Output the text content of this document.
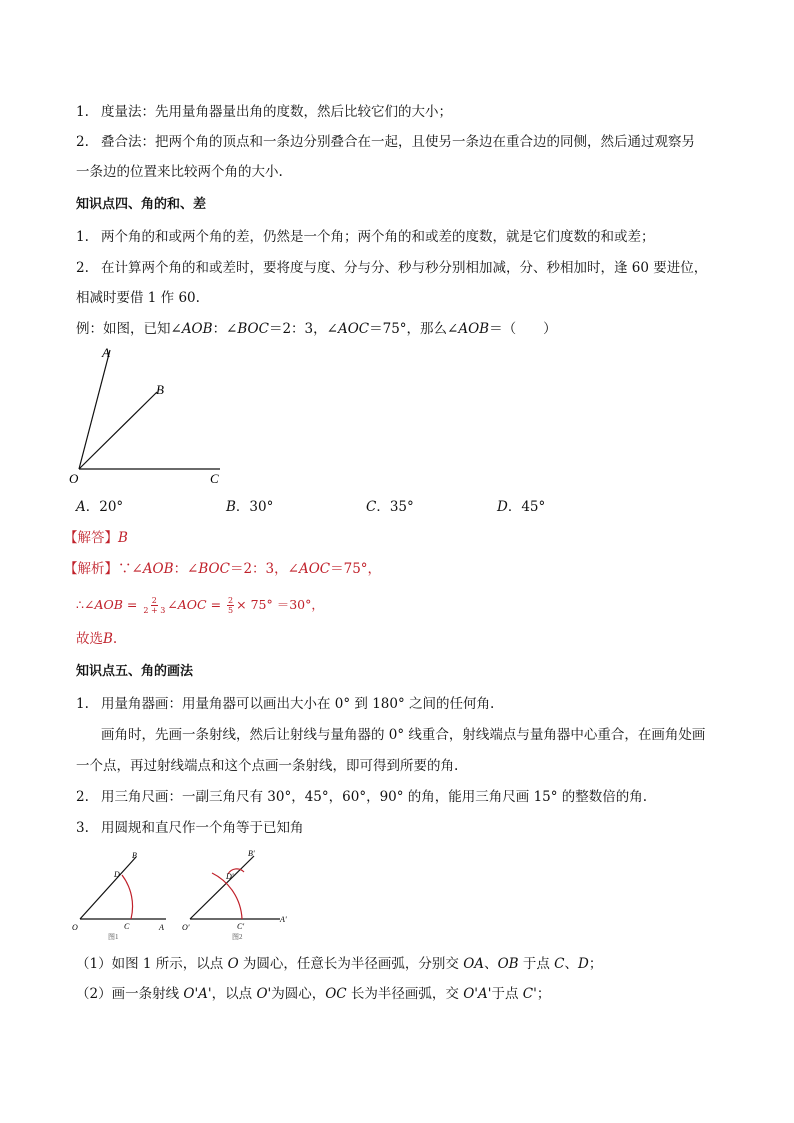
1. 度量法：先用量角器量出角的度数，然后比较它们的大小；
2. 叠合法：把两个角的顶点和一条边分别叠合在一起，且使另一条边在重合边的同侧，然后通过观察另
一条边的位置来比较两个角的大小.
知识点四、角的和、差
1. 两个角的和或两个角的差，仍然是一个角；两个角的和或差的度数，就是它们度数的和或差；
2. 在计算两个角的和或差时，要将度与度、分与分、秒与秒分别相加减，分、秒相加时，逢 60 要进位，
相减时要借 1 作 60.
例：如图，已知∠AOB：∠BOC＝2：3，∠AOC＝75°，那么∠AOB＝（　　）
A
B
O	C
A．20°	B．30°	C．35°	D．45°
【解答】B
【解析】∵∠AOB：∠BOC＝2：3，∠AOC＝75°，
∴∠AOB = $\frac{2}{2 + 3}$ ∠AOC = $\frac{2}{5} \times 75^\circ =30^\circ$，
故选B.
知识点五、角的画法
1. 用量角器画：用量角器可以画出大小在 0° 到 180° 之间的任何角.
画角时，先画一条射线，然后让射线与量角器的 0° 线重合，射线端点与量角器中心重合，在画角处画
一个点，再过射线端点和这个点画一条射线，即可得到所要的角.
2. 用三角尺画：一副三角尺有 30°，45°，60°，90° 的角，能用三角尺画 15° 的整数倍的角.
3. 用圆规和直尺作一个角等于已知角
B
D
O	C	A
图1
B'
D'
O'	C'
A'
图2
（1）如图 1 所示，以点 O 为圆心，任意长为半径画弧，分别交 OA、OB 于点 C、D；
（2）画一条射线 O'A'，以点 O'为圆心，OC 长为半径画弧，交 O'A'于点 C'；
